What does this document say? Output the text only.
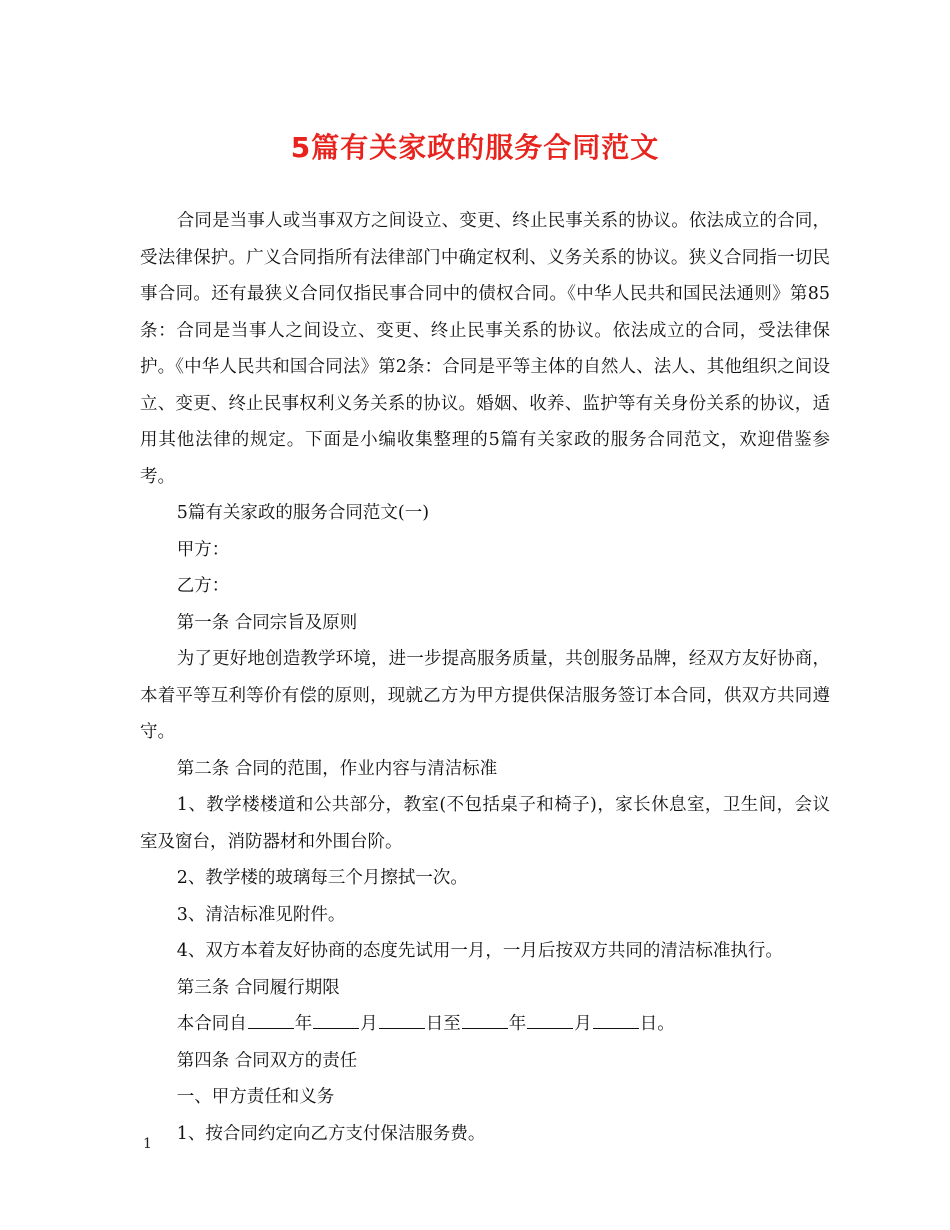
5篇有关家政的服务合同范文

合同是当事人或当事双方之间设立、变更、终止民事关系的协议。依法成立的合同，受法律保护。广义合同指所有法律部门中确定权利、义务关系的协议。狭义合同指一切民事合同。还有最狭义合同仅指民事合同中的债权合同。《中华人民共和国民法通则》第85条：合同是当事人之间设立、变更、终止民事关系的协议。依法成立的合同，受法律保护。《中华人民共和国合同法》第2条：合同是平等主体的自然人、法人、其他组织之间设立、变更、终止民事权利义务关系的协议。婚姻、收养、监护等有关身份关系的协议，适用其他法律的规定。下面是小编收集整理的5篇有关家政的服务合同范文，欢迎借鉴参考。

5篇有关家政的服务合同范文(一)

甲方：

乙方：

第一条 合同宗旨及原则

为了更好地创造教学环境，进一步提高服务质量，共创服务品牌，经双方友好协商，本着平等互利等价有偿的原则，现就乙方为甲方提供保洁服务签订本合同，供双方共同遵守。

第二条 合同的范围，作业内容与清洁标准

1、教学楼楼道和公共部分，教室(不包括桌子和椅子)，家长休息室，卫生间，会议室及窗台，消防器材和外围台阶。

2、教学楼的玻璃每三个月擦拭一次。

3、清洁标准见附件。

4、双方本着友好协商的态度先试用一月，一月后按双方共同的清洁标准执行。

第三条 合同履行期限

本合同自	年	月	日至	年	月	日。

第四条 合同双方的责任

一、甲方责任和义务

1、按合同约定向乙方支付保洁服务费。

1
